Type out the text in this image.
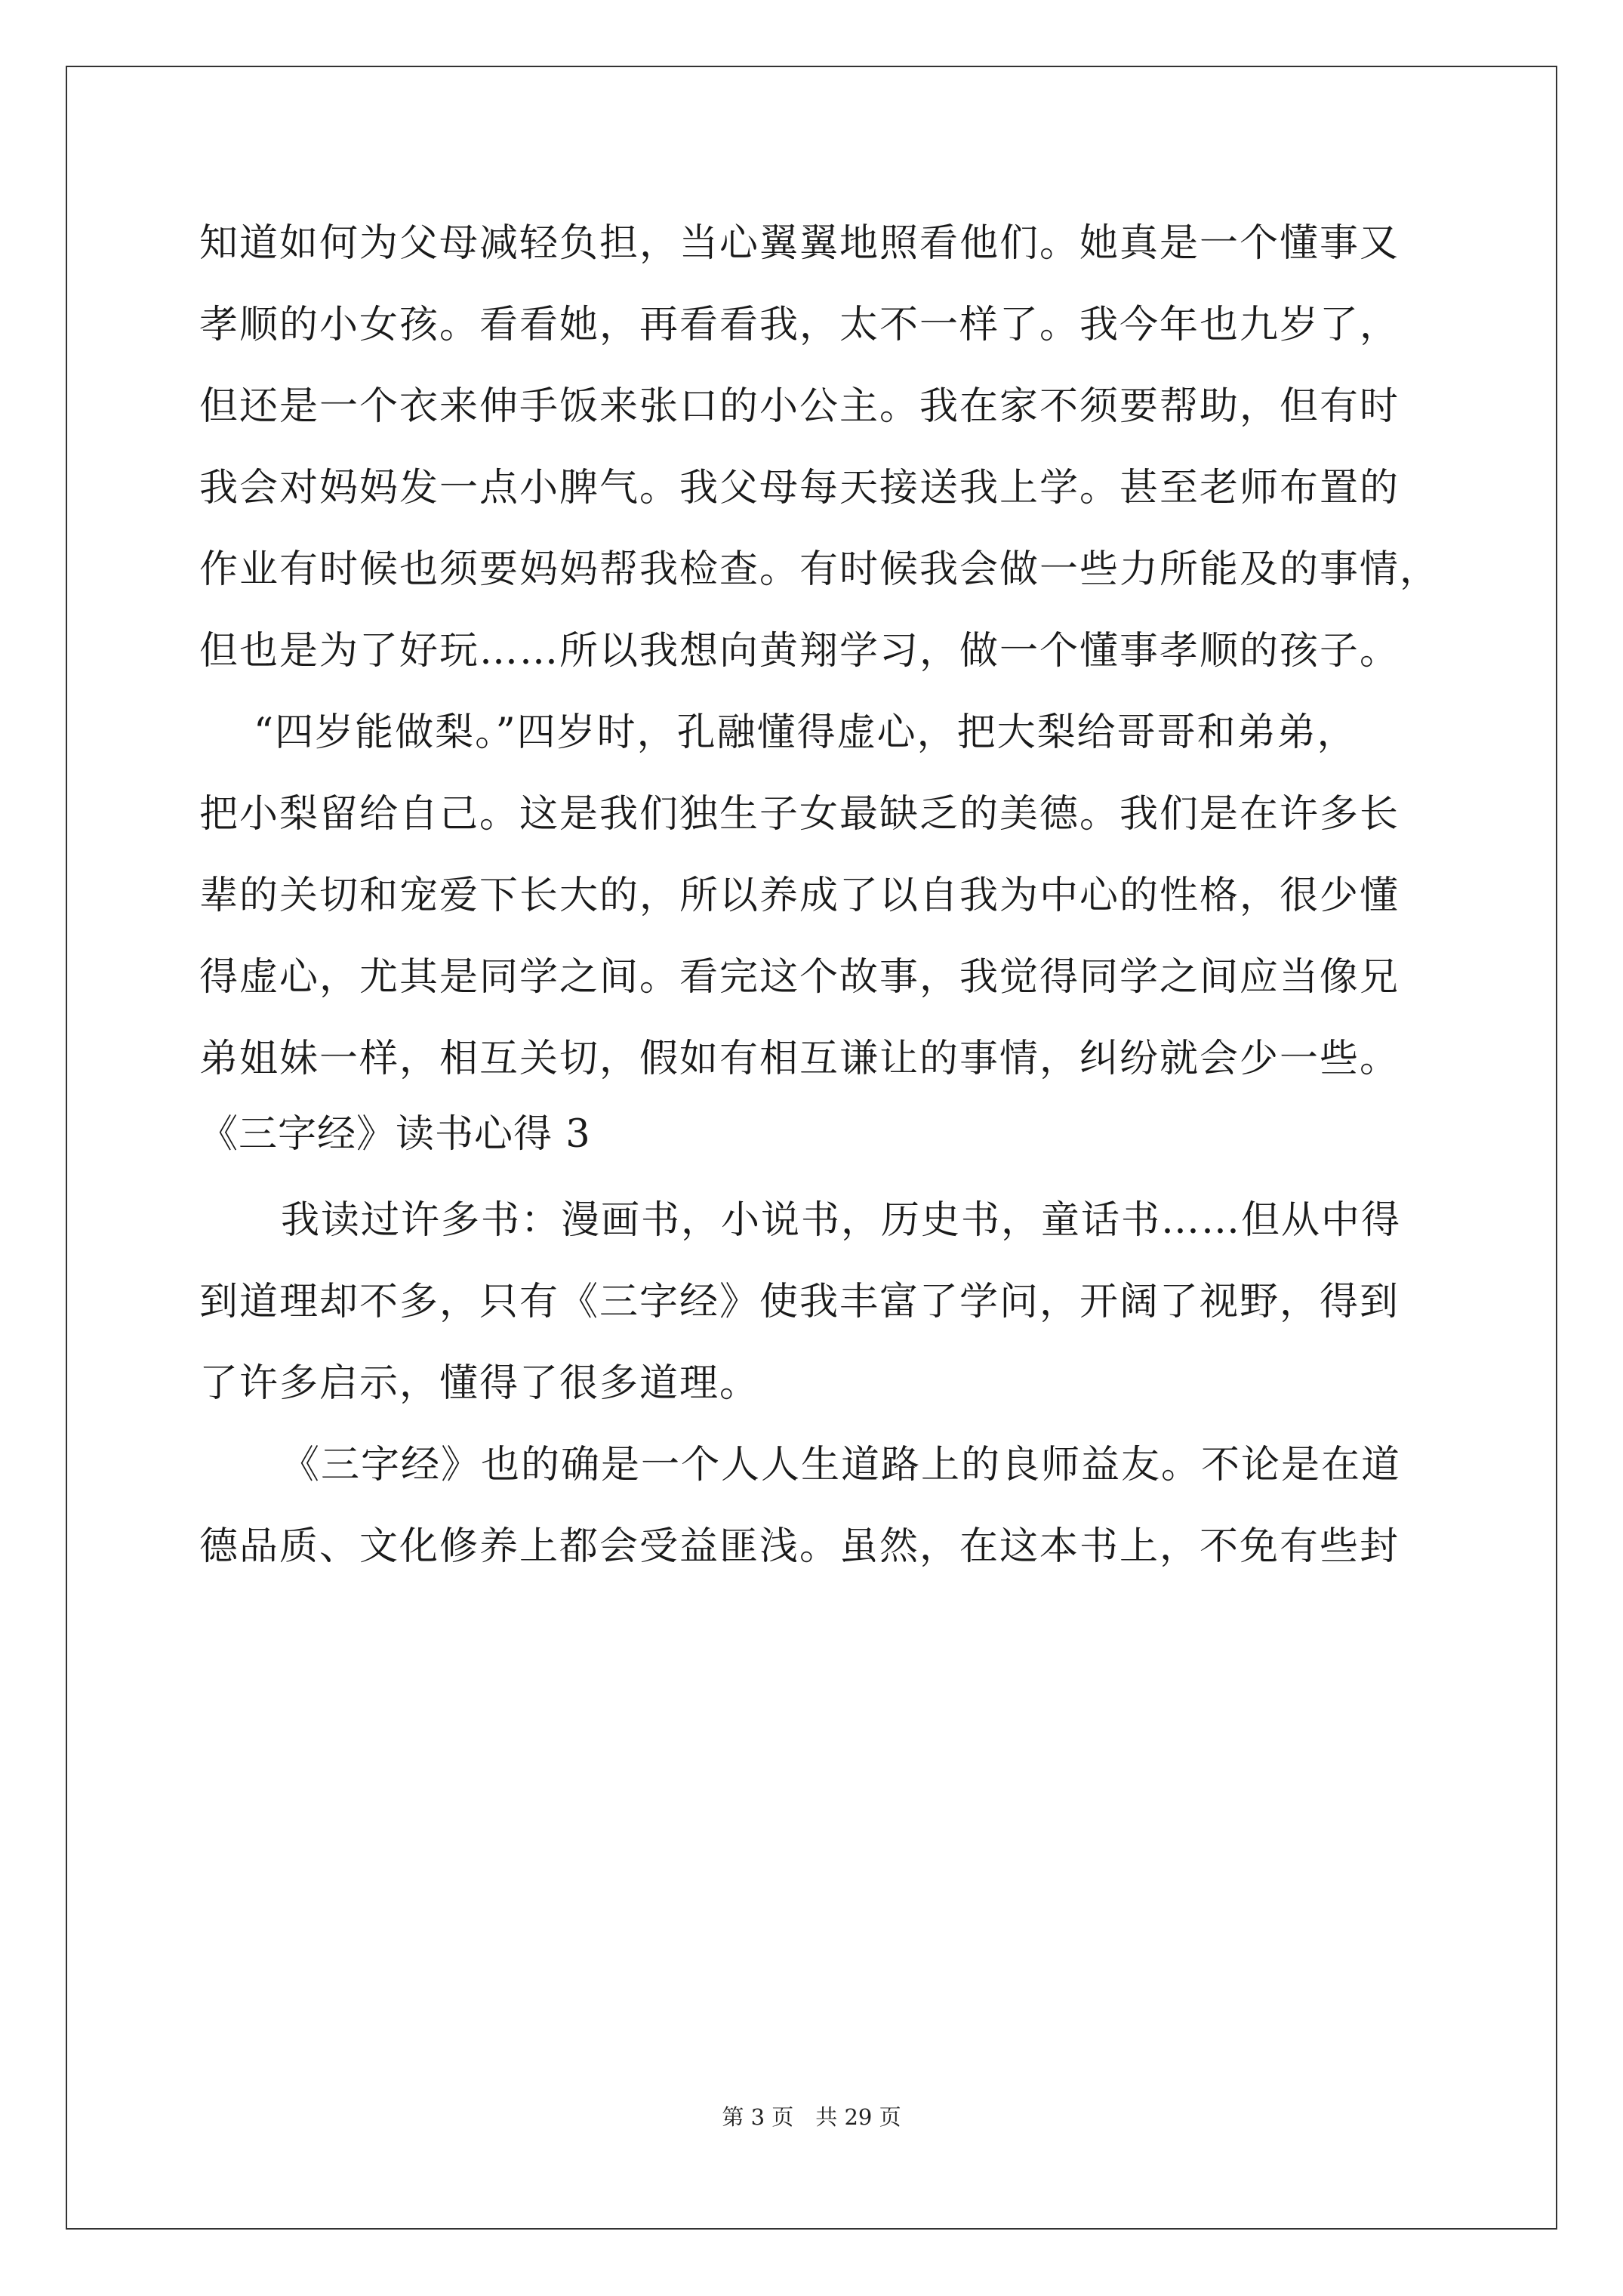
知道如何为父母减轻负担，当心翼翼地照看他们。她真是一个懂事又
孝顺的小女孩。看看她，再看看我，太不一样了。我今年也九岁了，
但还是一个衣来伸手饭来张口的小公主。我在家不须要帮助，但有时
我会对妈妈发一点小脾气。我父母每天接送我上学。甚至老师布置的
作业有时候也须要妈妈帮我检查。有时候我会做一些力所能及的事情，
但也是为了好玩……所以我想向黄翔学习，做一个懂事孝顺的孩子。
“四岁能做梨。”四岁时，孔融懂得虚心，把大梨给哥哥和弟弟，
把小梨留给自己。这是我们独生子女最缺乏的美德。我们是在许多长
辈的关切和宠爱下长大的，所以养成了以自我为中心的性格，很少懂
得虚心，尤其是同学之间。看完这个故事，我觉得同学之间应当像兄
弟姐妹一样，相互关切，假如有相互谦让的事情，纠纷就会少一些。
《三字经》读书心得 3
我读过许多书：漫画书，小说书，历史书，童话书……但从中得
到道理却不多，只有《三字经》使我丰富了学问，开阔了视野，得到
了许多启示，懂得了很多道理。
《三字经》也的确是一个人人生道路上的良师益友。不论是在道
德品质、文化修养上都会受益匪浅。虽然，在这本书上，不免有些封
第 3 页　共 29 页
